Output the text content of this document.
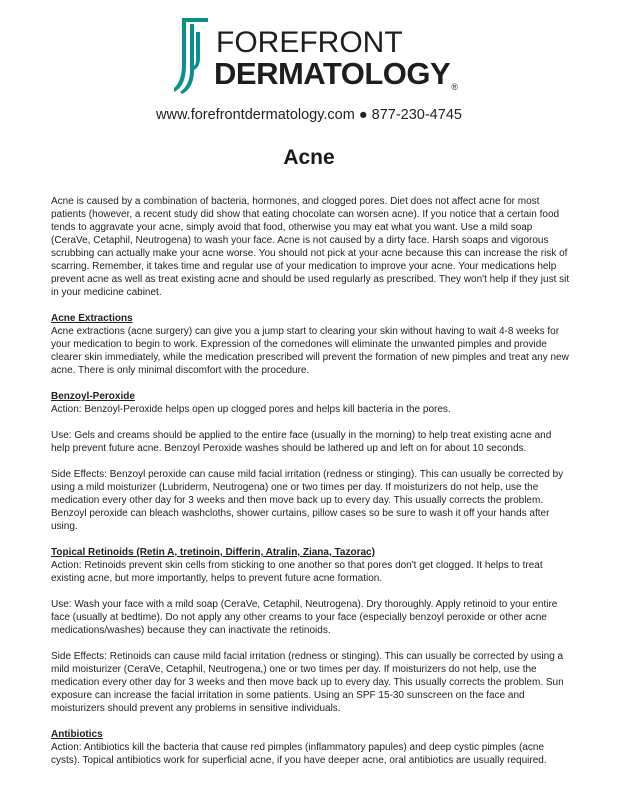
FOREFRONT
DERMATOLOGY®
www.forefrontdermatology.com ● 877-230-4745
Acne

Acne is caused by a combination of bacteria, hormones, and clogged pores. Diet does not affect acne for most patients (however, a recent study did show that eating chocolate can worsen acne). If you notice that a certain food tends to aggravate your acne, simply avoid that food, otherwise you may eat what you want. Use a mild soap (CeraVe, Cetaphil, Neutrogena) to wash your face. Acne is not caused by a dirty face. Harsh soaps and vigorous scrubbing can actually make your acne worse. You should not pick at your acne because this can increase the risk of scarring. Remember, it takes time and regular use of your medication to improve your acne. Your medications help prevent acne as well as treat existing acne and should be used regularly as prescribed. They won't help if they just sit in your medicine cabinet.

Acne Extractions

Acne extractions (acne surgery) can give you a jump start to clearing your skin without having to wait 4-8 weeks for your medication to begin to work. Expression of the comedones will eliminate the unwanted pimples and provide clearer skin immediately, while the medication prescribed will prevent the formation of new pimples and treat any new acne. There is only minimal discomfort with the procedure.

Benzoyl-Peroxide

Action: Benzoyl-Peroxide helps open up clogged pores and helps kill bacteria in the pores.

Use: Gels and creams should be applied to the entire face (usually in the morning) to help treat existing acne and help prevent future acne. Benzoyl Peroxide washes should be lathered up and left on for about 10 seconds.

Side Effects: Benzoyl peroxide can cause mild facial irritation (redness or stinging). This can usually be corrected by using a mild moisturizer (Lubriderm, Neutrogena) one or two times per day. If moisturizers do not help, use the medication every other day for 3 weeks and then move back up to every day. This usually corrects the problem. Benzoyl peroxide can bleach washcloths, shower curtains, pillow cases so be sure to wash it off your hands after using.

Topical Retinoids (Retin A, tretinoin, Differin, Atralin, Ziana, Tazorac)

Action: Retinoids prevent skin cells from sticking to one another so that pores don't get clogged. It helps to treat existing acne, but more importantly, helps to prevent future acne formation.

Use: Wash your face with a mild soap (CeraVe, Cetaphil, Neutrogena). Dry thoroughly. Apply retinoid to your entire face (usually at bedtime). Do not apply any other creams to your face (especially benzoyl peroxide or other acne medications/washes) because they can inactivate the retinoids.

Side Effects: Retinoids can cause mild facial irritation (redness or stinging). This can usually be corrected by using a mild moisturizer (CeraVe, Cetaphil, Neutrogena,) one or two times per day. If moisturizers do not help, use the medication every other day for 3 weeks and then move back up to every day. This usually corrects the problem. Sun exposure can increase the facial irritation in some patients. Using an SPF 15-30 sunscreen on the face and moisturizers should prevent any problems in sensitive individuals.

Antibiotics

Action: Antibiotics kill the bacteria that cause red pimples (inflammatory papules) and deep cystic pimples (acne cysts). Topical antibiotics work for superficial acne, if you have deeper acne, oral antibiotics are usually required.
